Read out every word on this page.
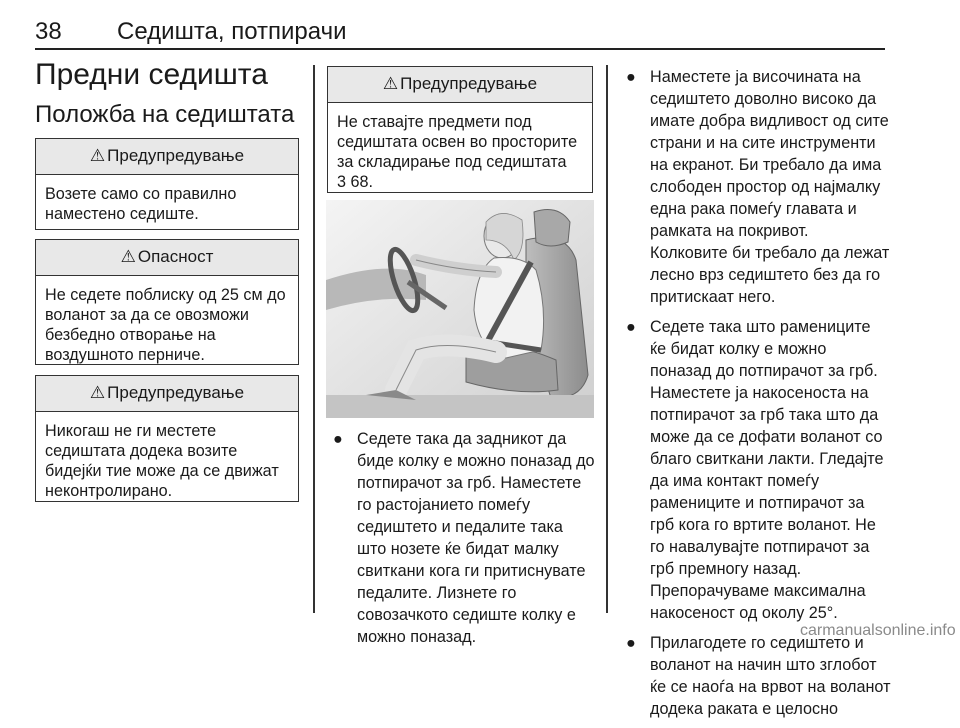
38 Седишта, потпирачи
Предни седишта
Положба на седиштата
⚠ Предупредување
Возете само со правилно
наместено седиште.
⚠ Опасност
Не седете поблиску од 25 см до
воланот за да се овозможи
безбедно отворање на
воздушното перниче.
⚠ Предупредување
Никогаш не ги местете
седиштата додека возите
бидејќи тие може да се движат
неконтролирано.
⚠ Предупредување
Не ставајте предмети под
седиштата освен во просторите
за складирање под седиштата
3 68.
● Седете така да задникот да
биде колку е можно поназад до
потпирачот за грб. Наместете
го растојанието помеѓу
седиштето и педалите така
што нозете ќе бидат малку
свиткани кога ги притиснувате
педалите. Лизнете го
совозачкото седиште колку е
можно поназад.
● Наместете ја височината на
седиштето доволно високо да
имате добра видливост од сите
страни и на сите инструменти
на екранот. Би требало да има
слободен простор од најмалку
една рака помеѓу главата и
рамката на покривот.
Колковите би требало да лежат
лесно врз седиштето без да го
притискаат него.
● Седете така што рамениците
ќе бидат колку е можно
поназад до потпирачот за грб.
Наместете ја накосеноста на
потпирачот за грб така што да
може да се дофати воланот со
благо свиткани лакти. Гледајте
да има контакт помеѓу
рамениците и потпирачот за
грб кога го вртите воланот. Не
го навалувајте потпирачот за
грб премногу назад.
Препорачуваме максимална
накосеност од околу 25°.
● Прилагодете го седиштето и
воланот на начин што зглобот
ќе се наоѓа на врвот на воланот
додека раката е целосно
carmanualsonline.info
